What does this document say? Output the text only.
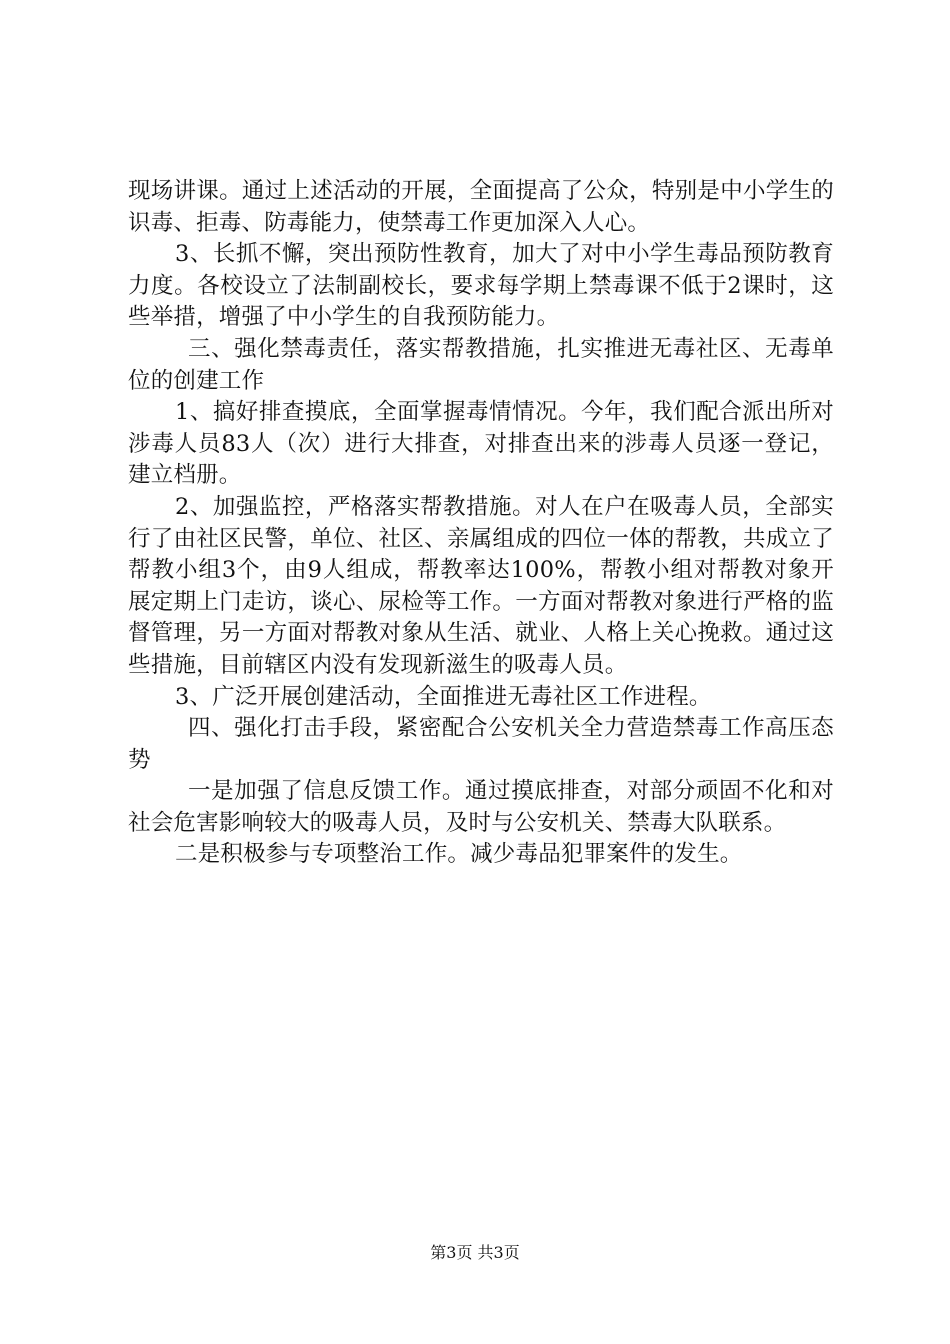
现场讲课。通过上述活动的开展，全面提高了公众，特别是中小学生的识毒、拒毒、防毒能力，使禁毒工作更加深入人心。

3、长抓不懈，突出预防性教育，加大了对中小学生毒品预防教育力度。各校设立了法制副校长，要求每学期上禁毒课不低于2课时，这些举措，增强了中小学生的自我预防能力。

三、强化禁毒责任，落实帮教措施，扎实推进无毒社区、无毒单位的创建工作

1、搞好排查摸底，全面掌握毒情情况。今年，我们配合派出所对涉毒人员83人（次）进行大排查，对排查出来的涉毒人员逐一登记，建立档册。

2、加强监控，严格落实帮教措施。对人在户在吸毒人员，全部实行了由社区民警，单位、社区、亲属组成的四位一体的帮教，共成立了帮教小组3个，由9人组成，帮教率达100%，帮教小组对帮教对象开展定期上门走访，谈心、尿检等工作。一方面对帮教对象进行严格的监督管理，另一方面对帮教对象从生活、就业、人格上关心挽救。通过这些措施，目前辖区内没有发现新滋生的吸毒人员。

3、广泛开展创建活动，全面推进无毒社区工作进程。

四、强化打击手段，紧密配合公安机关全力营造禁毒工作高压态势

一是加强了信息反馈工作。通过摸底排查，对部分顽固不化和对社会危害影响较大的吸毒人员，及时与公安机关、禁毒大队联系。

二是积极参与专项整治工作。减少毒品犯罪案件的发生。

第3页 共3页
